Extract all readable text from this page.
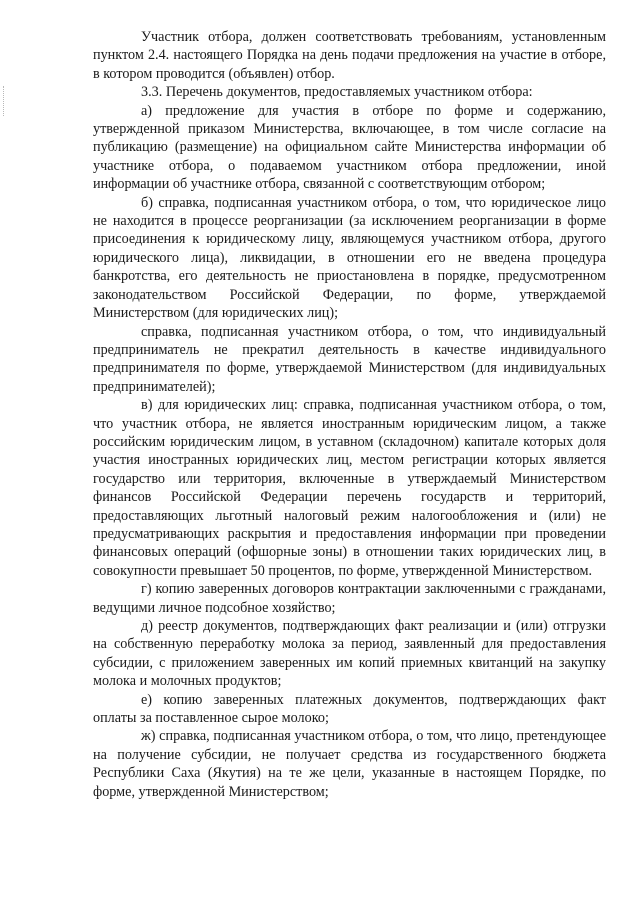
Участник отбора, должен соответствовать требованиям, установленным пунктом 2.4. настоящего Порядка на день подачи предложения на участие в отборе, в котором проводится (объявлен) отбор.

3.3. Перечень документов, предоставляемых участником отбора:

а) предложение для участия в отборе по форме и содержанию, утвержденной приказом Министерства, включающее, в том числе согласие на публикацию (размещение) на официальном сайте Министерства информации об участнике отбора, о подаваемом участником отбора предложении, иной информации об участнике отбора, связанной с соответствующим отбором;

б) справка, подписанная участником отбора, о том, что юридическое лицо не находится в процессе реорганизации (за исключением реорганизации в форме присоединения к юридическому лицу, являющемуся участником отбора, другого юридического лица), ликвидации, в отношении его не введена процедура банкротства, его деятельность не приостановлена в порядке, предусмотренном законодательством Российской Федерации, по форме, утверждаемой Министерством (для юридических лиц);

справка, подписанная участником отбора, о том, что индивидуальный предприниматель не прекратил деятельность в качестве индивидуального предпринимателя по форме, утверждаемой Министерством (для индивидуальных предпринимателей);

в) для юридических лиц: справка, подписанная участником отбора, о том, что участник отбора, не является иностранным юридическим лицом, а также российским юридическим лицом, в уставном (складочном) капитале которых доля участия иностранных юридических лиц, местом регистрации которых является государство или территория, включенные в утверждаемый Министерством финансов Российской Федерации перечень государств и территорий, предоставляющих льготный налоговый режим налогообложения и (или) не предусматривающих раскрытия и предоставления информации при проведении финансовых операций (офшорные зоны) в отношении таких юридических лиц, в совокупности превышает 50 процентов, по форме, утвержденной Министерством.

г) копию заверенных договоров контрактации заключенными с гражданами, ведущими личное подсобное хозяйство;

д) реестр документов, подтверждающих факт реализации и (или) отгрузки на собственную переработку молока за период, заявленный для предоставления субсидии, с приложением заверенных им копий приемных квитанций на закупку молока и молочных продуктов;

е) копию заверенных платежных документов, подтверждающих факт оплаты за поставленное сырое молоко;

ж) справка, подписанная участником отбора, о том, что лицо, претендующее на получение субсидии, не получает средства из государственного бюджета Республики Саха (Якутия) на те же цели, указанные в настоящем Порядке, по форме, утвержденной Министерством;
